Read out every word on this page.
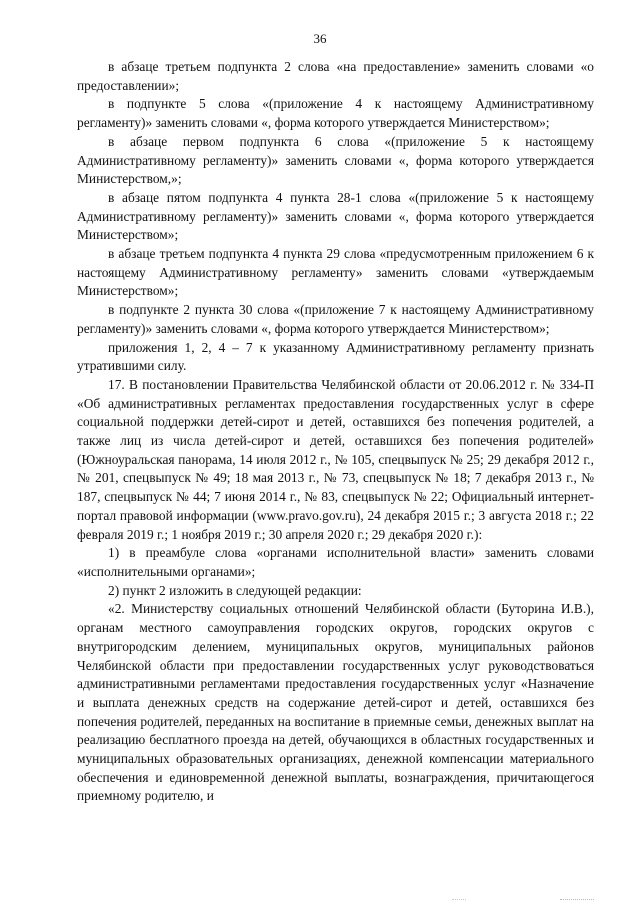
36

в абзаце третьем подпункта 2 слова «на предоставление» заменить словами «о предоставлении»;

в подпункте 5 слова «(приложение 4 к настоящему Административному регламенту)» заменить словами «, форма которого утверждается Министерством»;

в абзаце первом подпункта 6 слова «(приложение 5 к настоящему Административному регламенту)» заменить словами «, форма которого утверждается Министерством,»;

в абзаце пятом подпункта 4 пункта 28-1 слова «(приложение 5 к настоящему Административному регламенту)» заменить словами «, форма которого утверждается Министерством»;

в абзаце третьем подпункта 4 пункта 29 слова «предусмотренным приложением 6 к настоящему Административному регламенту» заменить словами «утверждаемым Министерством»;

в подпункте 2 пункта 30 слова «(приложение 7 к настоящему Административному регламенту)» заменить словами «, форма которого утверждается Министерством»;

приложения 1, 2, 4 – 7 к указанному Административному регламенту признать утратившими силу.

17. В постановлении Правительства Челябинской области от 20.06.2012 г. № 334-П «Об административных регламентах предоставления государственных услуг в сфере социальной поддержки детей-сирот и детей, оставшихся без попечения родителей, а также лиц из числа детей-сирот и детей, оставшихся без попечения родителей» (Южноуральская панорама, 14 июля 2012 г., № 105, спецвыпуск № 25; 29 декабря 2012 г., № 201, спецвыпуск № 49; 18 мая 2013 г., № 73, спецвыпуск № 18; 7 декабря 2013 г., № 187, спецвыпуск № 44; 7 июня 2014 г., № 83, спецвыпуск № 22; Официальный интернет-портал правовой информации (www.pravo.gov.ru), 24 декабря 2015 г.; 3 августа 2018 г.; 22 февраля 2019 г.; 1 ноября 2019 г.; 30 апреля 2020 г.; 29 декабря 2020 г.):

1) в преамбуле слова «органами исполнительной власти» заменить словами «исполнительными органами»;

2) пункт 2 изложить в следующей редакции:

«2. Министерству социальных отношений Челябинской области (Буторина И.В.), органам местного самоуправления городских округов, городских округов с внутригородским делением, муниципальных округов, муниципальных районов Челябинской области при предоставлении государственных услуг руководствоваться административными регламентами предоставления государственных услуг «Назначение и выплата денежных средств на содержание детей-сирот и детей, оставшихся без попечения родителей, переданных на воспитание в приемные семьи, денежных выплат на реализацию бесплатного проезда на детей, обучающихся в областных государственных и муниципальных образовательных организациях, денежной компенсации материального обеспечения и единовременной денежной выплаты, вознаграждения, причитающегося приемному родителю, и
